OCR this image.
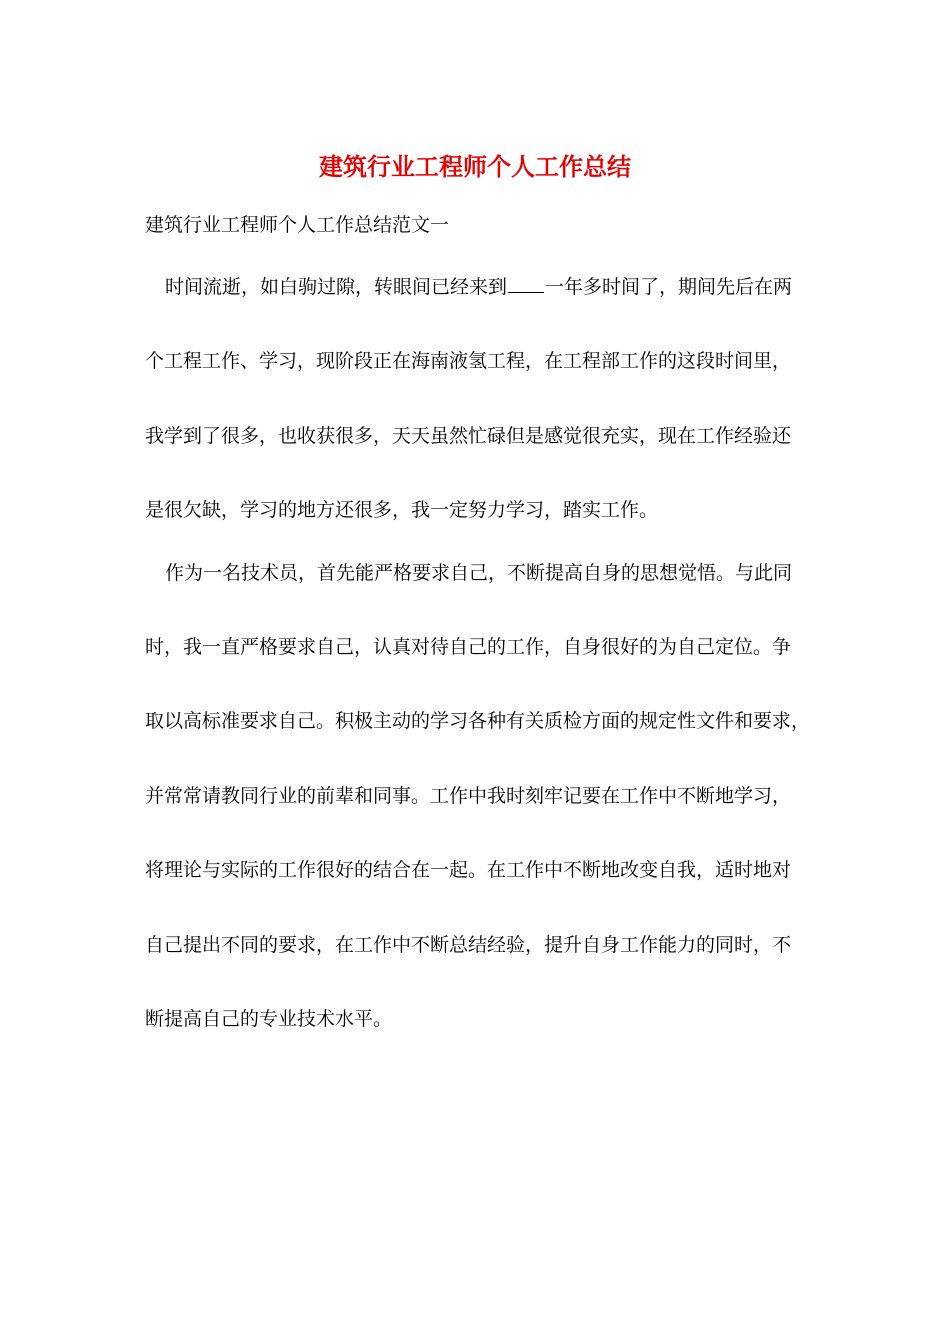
建筑行业工程师个人工作总结
建筑行业工程师个人工作总结范文一
时间流逝，如白驹过隙，转眼间已经来到 一年多时间了，期间先后在两
个工程工作、学习，现阶段正在海南液氢工程，在工程部工作的这段时间里，
我学到了很多，也收获很多，天天虽然忙碌但是感觉很充实，现在工作经验还
是很欠缺，学习的地方还很多，我一定努力学习，踏实工作。
作为一名技术员，首先能严格要求自己，不断提高自身的思想觉悟。与此同
时，我一直严格要求自己，认真对待自己的工作，自身很好的为自己定位。争
取以高标准要求自己。积极主动的学习各种有关质检方面的规定性文件和要求，
并常常请教同行业的前辈和同事。工作中我时刻牢记要在工作中不断地学习，
将理论与实际的工作很好的结合在一起。在工作中不断地改变自我，适时地对
自己提出不同的要求，在工作中不断总结经验，提升自身工作能力的同时，不
断提高自己的专业技术水平。
